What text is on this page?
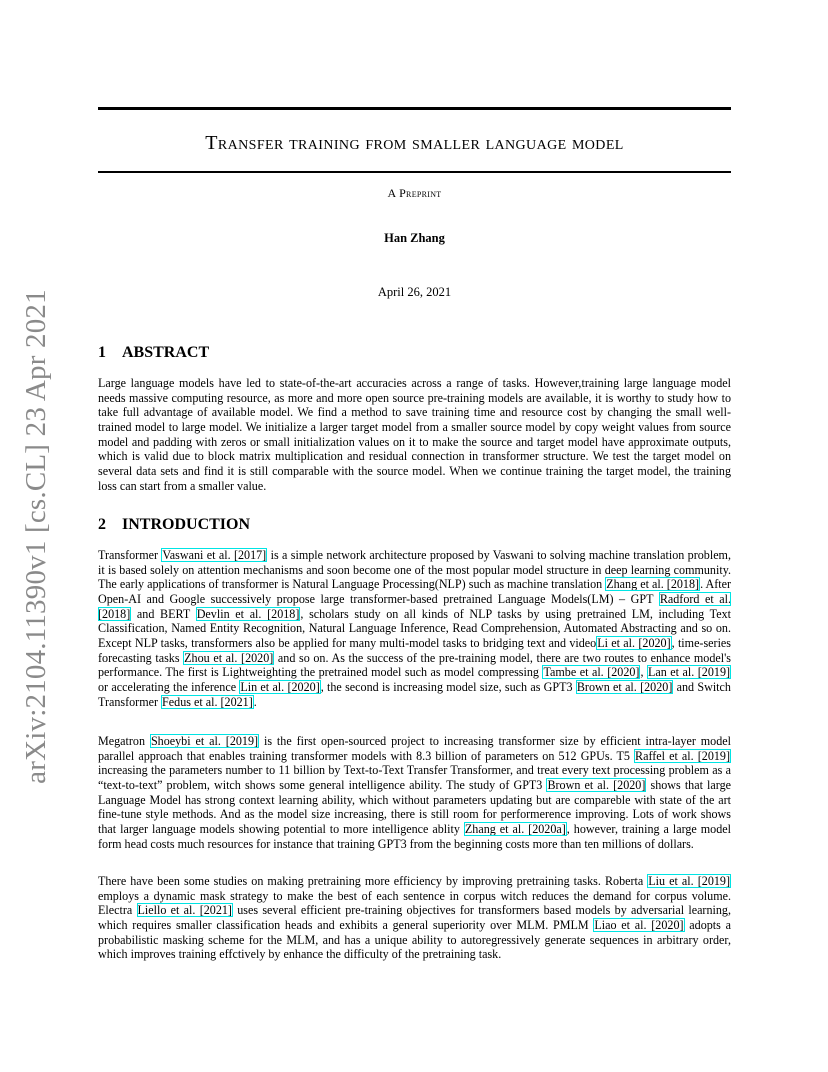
arXiv:2104.11390v1 [cs.CL] 23 Apr 2021
Transfer training from smaller language model
A Preprint
Han Zhang
April 26, 2021
1 ABSTRACT

Large language models have led to state-of-the-art accuracies across a range of tasks. However,training large language model needs massive computing resource, as more and more open source pre-training models are available, it is worthy to study how to take full advantage of available model. We find a method to save training time and resource cost by changing the small well-trained model to large model. We initialize a larger target model from a smaller source model by copy weight values from source model and padding with zeros or small initialization values on it to make the source and target model have approximate outputs, which is valid due to block matrix multiplication and residual connection in transformer structure. We test the target model on several data sets and find it is still comparable with the source model. When we continue training the target model, the training loss can start from a smaller value.

2 INTRODUCTION

Transformer Vaswani et al. [2017] is a simple network architecture proposed by Vaswani to solving machine translation problem, it is based solely on attention mechanisms and soon become one of the most popular model structure in deep learning community. The early applications of transformer is Natural Language Processing(NLP) such as machine translation Zhang et al. [2018]. After Open-AI and Google successively propose large transformer-based pretrained Language Models(LM) – GPT Radford et al. [2018] and BERT Devlin et al. [2018], scholars study on all kinds of NLP tasks by using pretrained LM, including Text Classification, Named Entity Recognition, Natural Language Inference, Read Comprehension, Automated Abstracting and so on. Except NLP tasks, transformers also be applied for many multi-model tasks to bridging text and videoLi et al. [2020], time-series forecasting tasks Zhou et al. [2020] and so on. As the success of the pre-training model, there are two routes to enhance model's performance. The first is Lightweighting the pretrained model such as model compressing Tambe et al. [2020], Lan et al. [2019] or accelerating the inference Lin et al. [2020], the second is increasing model size, such as GPT3 Brown et al. [2020] and Switch Transformer Fedus et al. [2021].

Megatron Shoeybi et al. [2019] is the first open-sourced project to increasing transformer size by efficient intra-layer model parallel approach that enables training transformer models with 8.3 billion of parameters on 512 GPUs. T5 Raffel et al. [2019] increasing the parameters number to 11 billion by Text-to-Text Transfer Transformer, and treat every text processing problem as a “text-to-text” problem, witch shows some general intelligence ability. The study of GPT3 Brown et al. [2020] shows that large Language Model has strong context learning ability, which without parameters updating but are compareble with state of the art fine-tune style methods. And as the model size increasing, there is still room for performerence improving. Lots of work shows that larger language models showing potential to more intelligence ablity Zhang et al. [2020a], however, training a large model form head costs much resources for instance that training GPT3 from the beginning costs more than ten millions of dollars.

There have been some studies on making pretraining more efficiency by improving pretraining tasks. Roberta Liu et al. [2019] employs a dynamic mask strategy to make the best of each sentence in corpus witch reduces the demand for corpus volume. Electra Liello et al. [2021] uses several efficient pre-training objectives for transformers based models by adversarial learning, which requires smaller classification heads and exhibits a general superiority over MLM. PMLM Liao et al. [2020] adopts a probabilistic masking scheme for the MLM, and has a unique ability to autoregressively generate sequences in arbitrary order, which improves training effctively by enhance the difficulty of the pretraining task.
